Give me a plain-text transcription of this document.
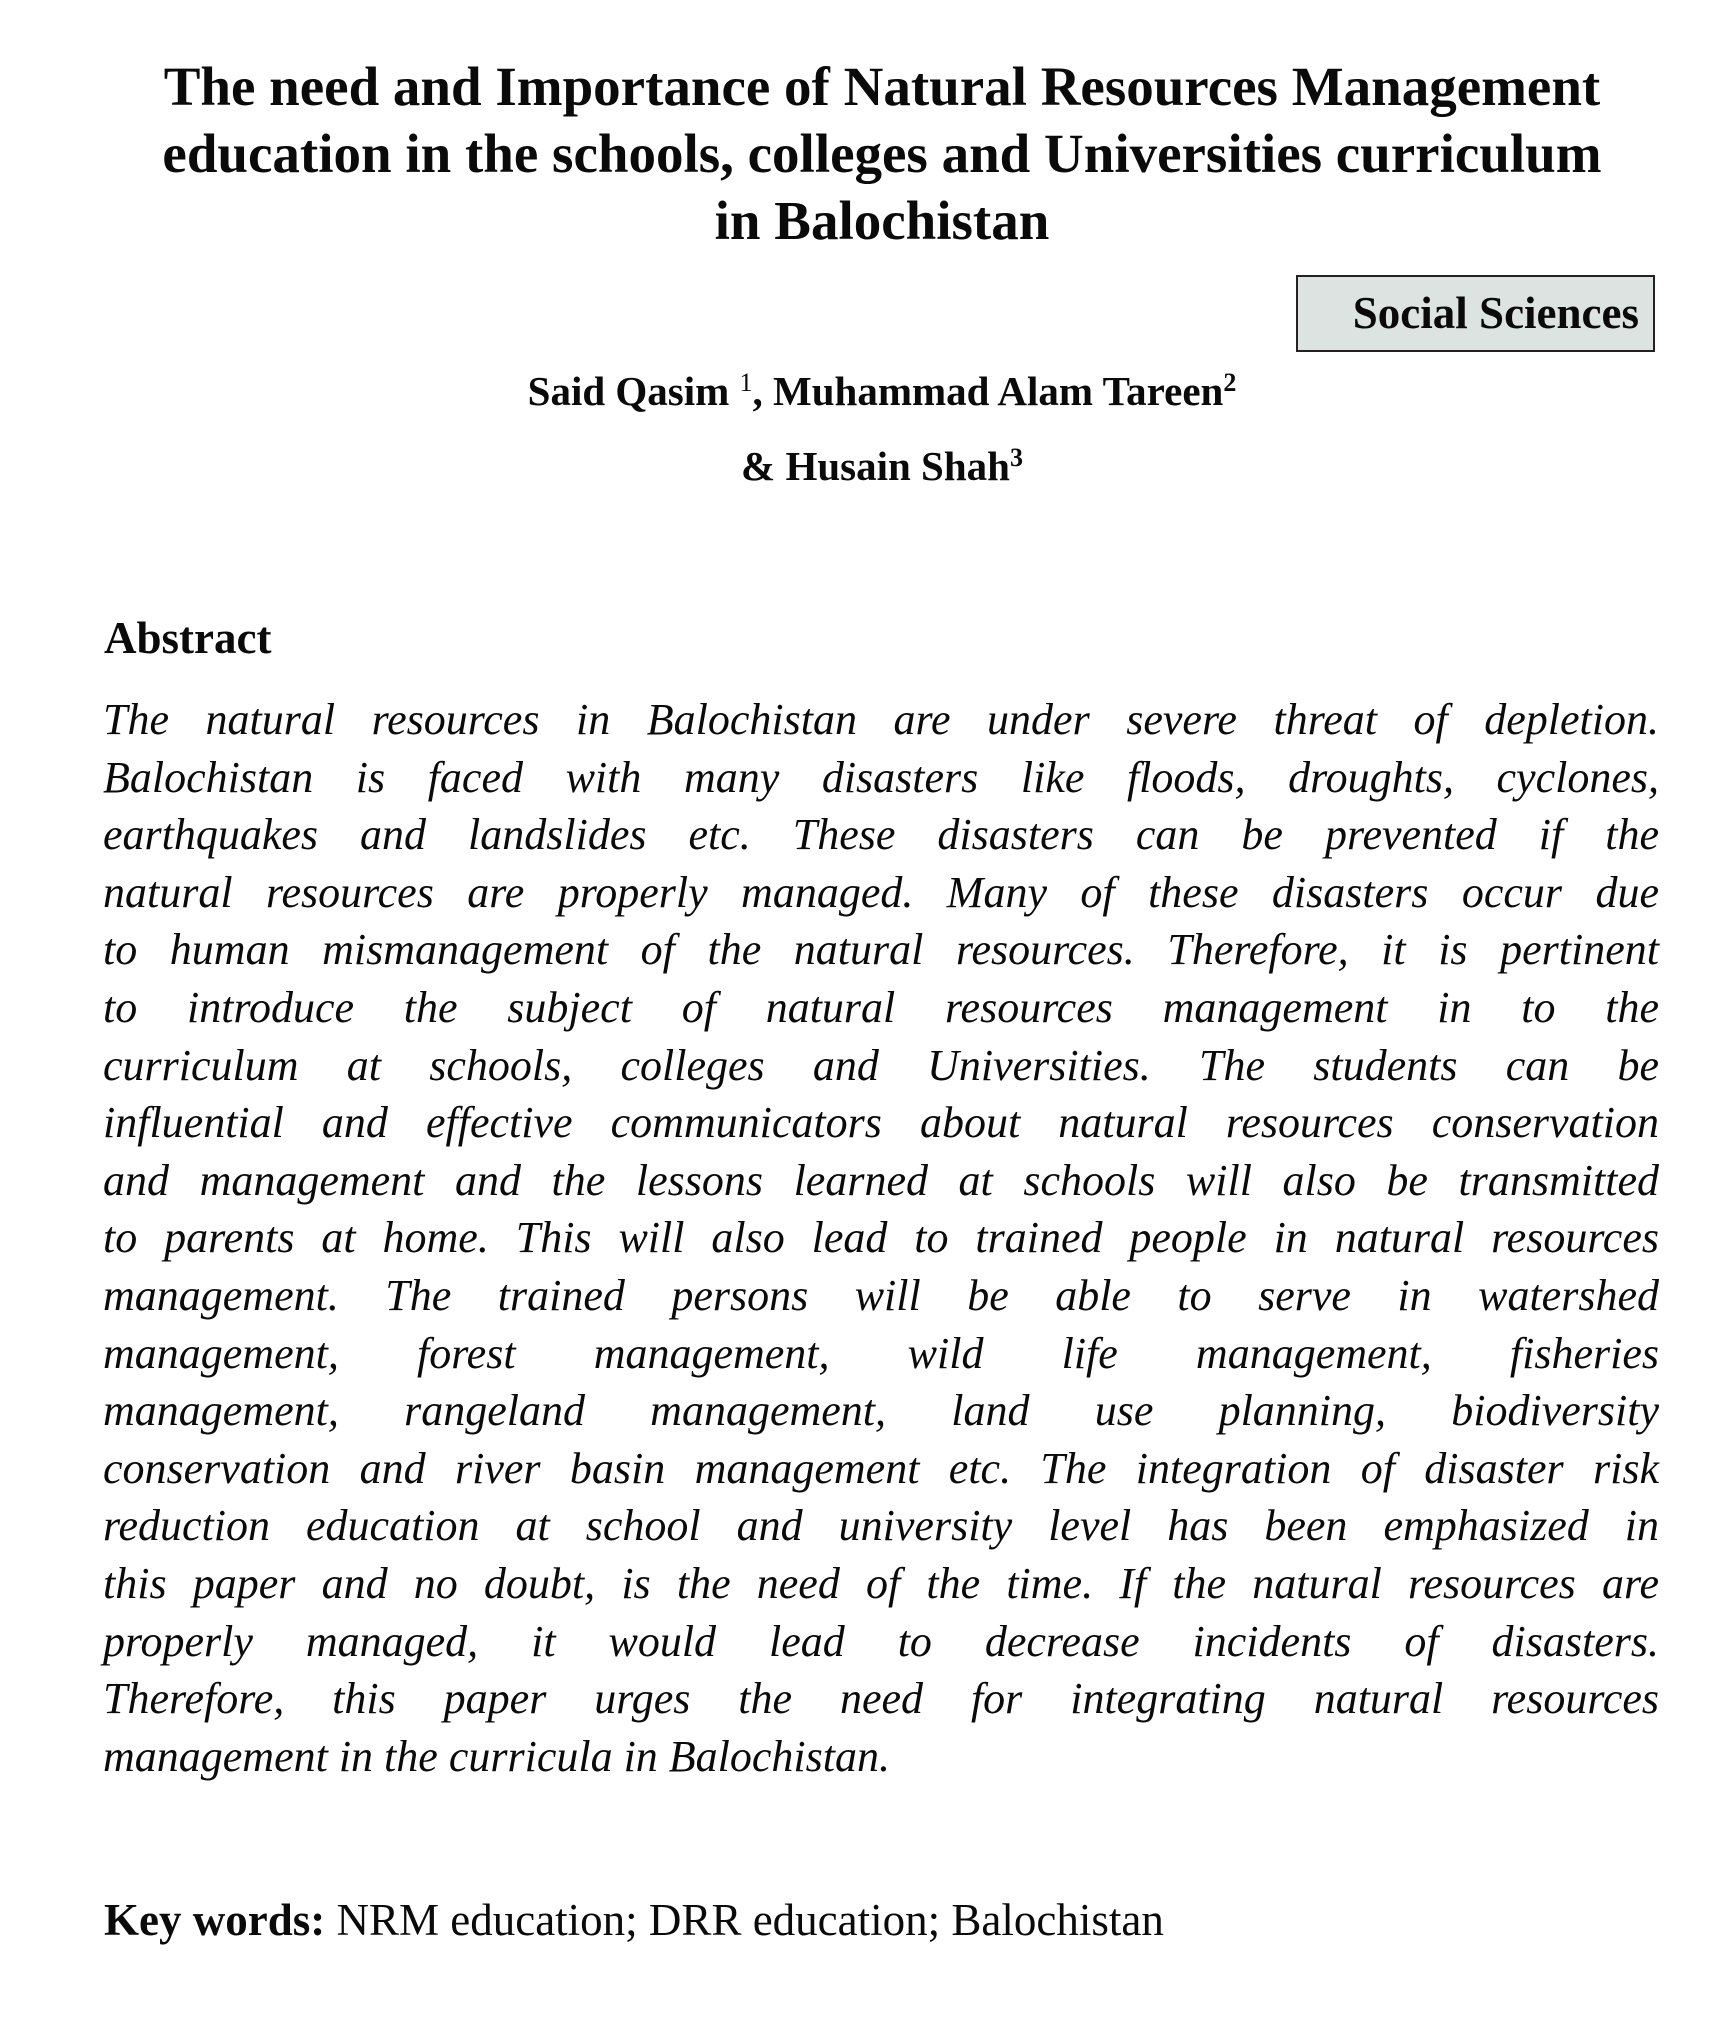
The need and Importance of Natural Resources Management
education in the schools, colleges and Universities curriculum
in Balochistan
Social Sciences
Said Qasim $^1$, Muhammad Alam Tareen$^2$
& Husain Shah$^3$
Abstract
The natural resources in Balochistan are under severe threat of depletion.
Balochistan is faced with many disasters like floods, droughts, cyclones,
earthquakes and landslides etc. These disasters can be prevented if the
natural resources are properly managed. Many of these disasters occur due
to human mismanagement of the natural resources. Therefore, it is pertinent
to introduce the subject of natural resources management in to the
curriculum at schools, colleges and Universities. The students can be
influential and effective communicators about natural resources conservation
and management and the lessons learned at schools will also be transmitted
to parents at home. This will also lead to trained people in natural resources
management. The trained persons will be able to serve in watershed
management, forest management, wild life management, fisheries
management, rangeland management, land use planning, biodiversity
conservation and river basin management etc. The integration of disaster risk
reduction education at school and university level has been emphasized in
this paper and no doubt, is the need of the time. If the natural resources are
properly managed, it would lead to decrease incidents of disasters.
Therefore, this paper urges the need for integrating natural resources
management in the curricula in Balochistan.
Key words: NRM education; DRR education; Balochistan
